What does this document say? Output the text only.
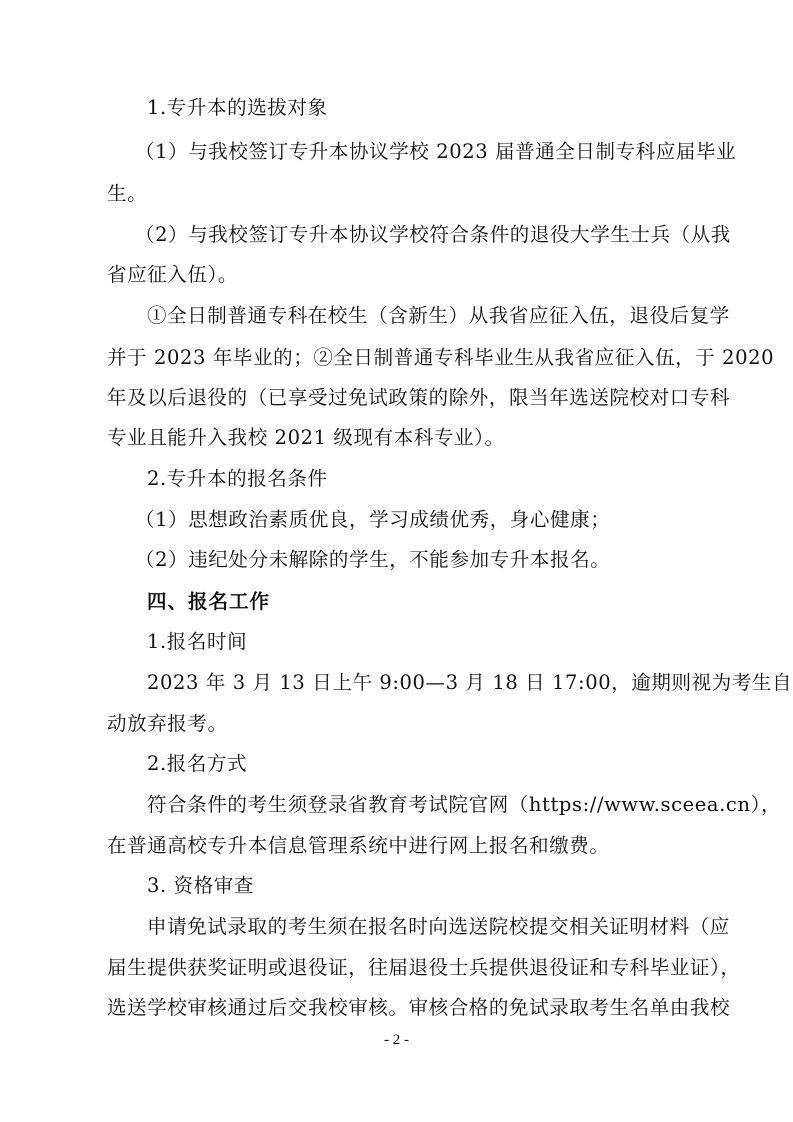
1.专升本的选拔对象
（1）与我校签订专升本协议学校 2023 届普通全日制专科应届毕业
生。
（2）与我校签订专升本协议学校符合条件的退役大学生士兵（从我
省应征入伍）。
①全日制普通专科在校生（含新生）从我省应征入伍，退役后复学
并于 2023 年毕业的；②全日制普通专科毕业生从我省应征入伍，于 2020
年及以后退役的（已享受过免试政策的除外，限当年选送院校对口专科
专业且能升入我校 2021 级现有本科专业）。
2.专升本的报名条件
（1）思想政治素质优良，学习成绩优秀，身心健康；
（2）违纪处分未解除的学生，不能参加专升本报名。
四、报名工作
1.报名时间
2023 年 3 月 13 日上午 9:00—3 月 18 日 17:00，逾期则视为考生自
动放弃报考。
2.报名方式
符合条件的考生须登录省教育考试院官网（https://www.sceea.cn），
在普通高校专升本信息管理系统中进行网上报名和缴费。
3. 资格审查
申请免试录取的考生须在报名时向选送院校提交相关证明材料（应
届生提供获奖证明或退役证，往届退役士兵提供退役证和专科毕业证），
选送学校审核通过后交我校审核。审核合格的免试录取考生名单由我校
- 2 -
